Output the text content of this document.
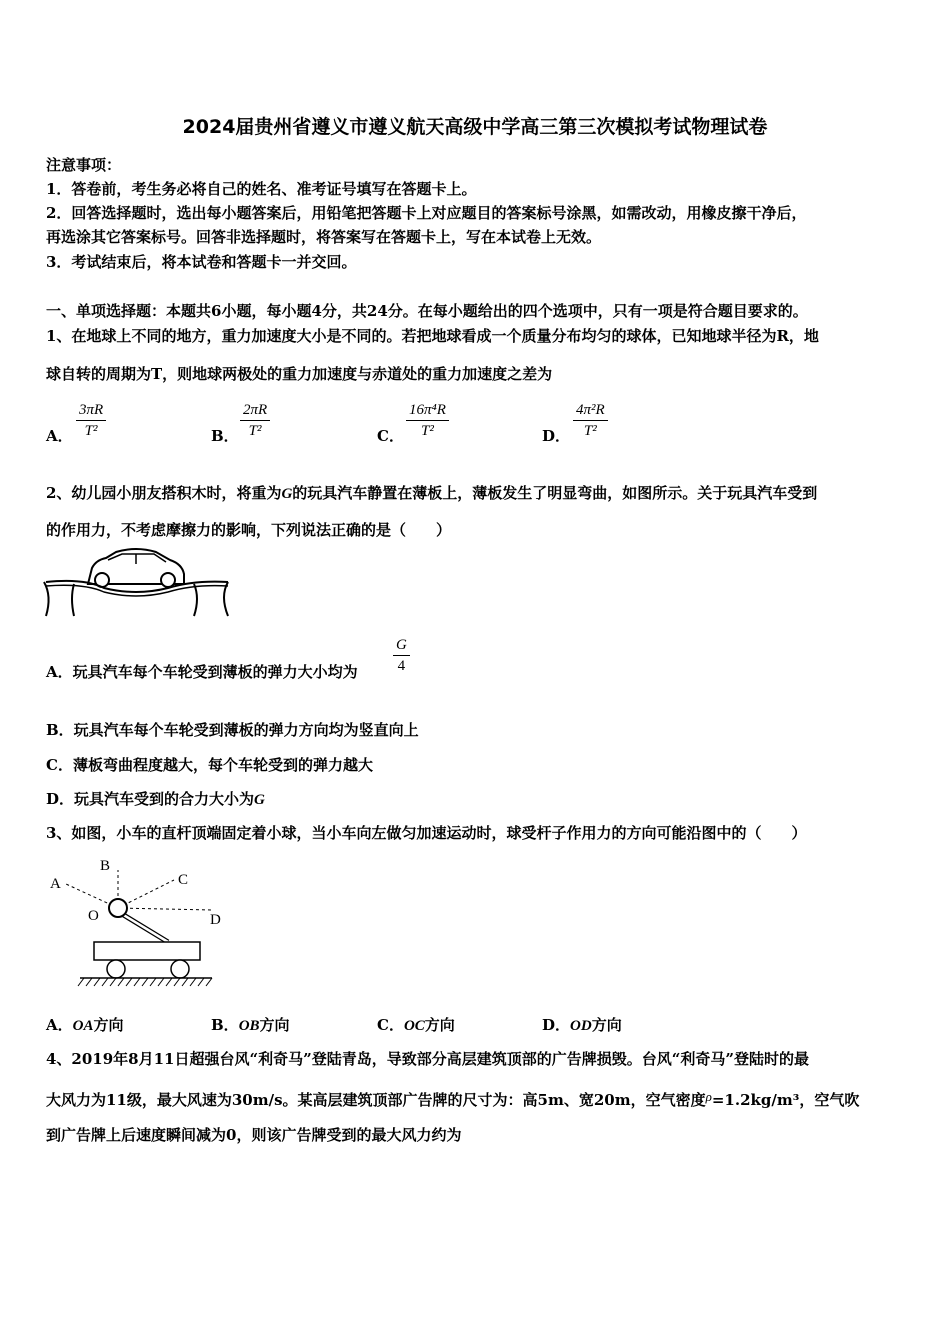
2024届贵州省遵义市遵义航天高级中学高三第三次模拟考试物理试卷
注意事项：
1．答卷前，考生务必将自己的姓名、准考证号填写在答题卡上。
2．回答选择题时，选出每小题答案后，用铅笔把答题卡上对应题目的答案标号涂黑，如需改动，用橡皮擦干净后，
再选涂其它答案标号。回答非选择题时，将答案写在答题卡上，写在本试卷上无效。
3．考试结束后，将本试卷和答题卡一并交回。
一、单项选择题：本题共6小题，每小题4分，共24分。在每小题给出的四个选项中，只有一项是符合题目要求的。
1、在地球上不同的地方，重力加速度大小是不同的。若把地球看成一个质量分布均匀的球体，已知地球半径为R，地
球自转的周期为T，则地球两极处的重力加速度与赤道处的重力加速度之差为
A． $\frac{3\pi R}{\text{T²}}$	B． $\frac{2\pi R}{\text{T²}}$	C． $\frac{\text{16π⁴R}}{\text{T²}}$	D． $\frac{\text{4π²R}}{\text{T²}}$
2、幼儿园小朋友搭积木时，将重为G的玩具汽车静置在薄板上，薄板发生了明显弯曲，如图所示。关于玩具汽车受到
的作用力，不考虑摩擦力的影响，下列说法正确的是（　　）
A．玩具汽车每个车轮受到薄板的弹力大小均为 $\frac{G}{4}$
B．玩具汽车每个车轮受到薄板的弹力方向均为竖直向上
C．薄板弯曲程度越大，每个车轮受到的弹力越大
D．玩具汽车受到的合力大小为G
3、如图，小车的直杆顶端固定着小球，当小车向左做匀加速运动时，球受杆子作用力的方向可能沿图中的（　　）
A
B
C
D
O
A．OA方向	B．OB方向	C．OC方向	D．OD方向
4、2019年8月11日超强台风“利奇马”登陆青岛，导致部分高层建筑顶部的广告牌损毁。台风“利奇马”登陆时的最
大风力为11级，最大风速为30m/s。某高层建筑顶部广告牌的尺寸为：高5m、宽20m，空气密度ρ=1.2kg/m³，空气吹
到广告牌上后速度瞬间减为0，则该广告牌受到的最大风力约为
